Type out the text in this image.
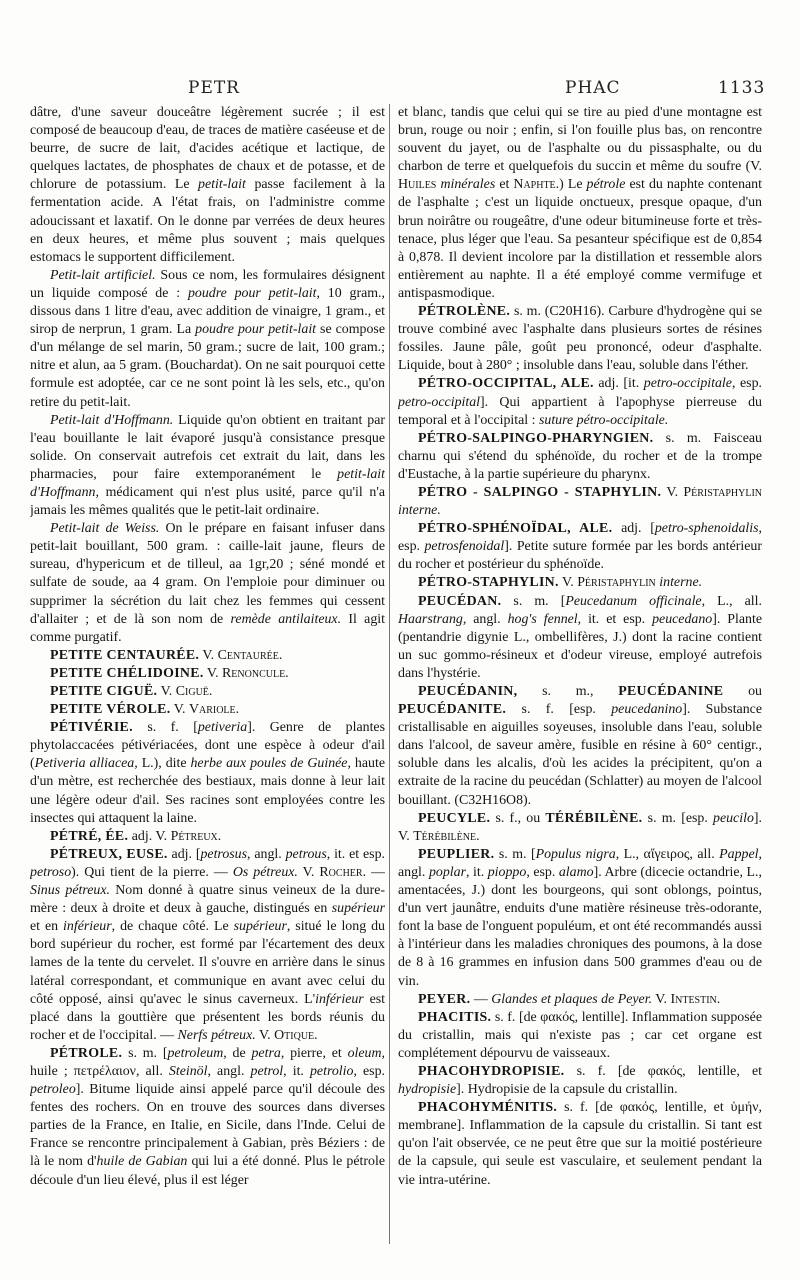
PETR	PHAC	1133

dâtre, d'une saveur douceâtre légèrement sucrée ; il est composé de beaucoup d'eau, de traces de matière caséeuse et de beurre, de sucre de lait, d'acides acétique et lactique, de quelques lactates, de phosphates de chaux et de potasse, et de chlorure de potassium. Le petit-lait passe facilement à la fermentation acide. A l'état frais, on l'administre comme adoucissant et laxatif. On le donne par verrées de deux heures en deux heures, et même plus souvent ; mais quelques estomacs le supportent difficilement.

Petit-lait artificiel. Sous ce nom, les formulaires désignent un liquide composé de : poudre pour petit-lait, 10 gram., dissous dans 1 litre d'eau, avec addition de vinaigre, 1 gram., et sirop de nerprun, 1 gram. La poudre pour petit-lait se compose d'un mélange de sel marin, 50 gram.; sucre de lait, 100 gram.; nitre et alun, aa 5 gram. (Bouchardat). On ne sait pourquoi cette formule est adoptée, car ce ne sont point là les sels, etc., qu'on retire du petit-lait.

Petit-lait d'Hoffmann. Liquide qu'on obtient en traitant par l'eau bouillante le lait évaporé jusqu'à consistance presque solide. On conservait autrefois cet extrait du lait, dans les pharmacies, pour faire extemporanément le petit-lait d'Hoffmann, médicament qui n'est plus usité, parce qu'il n'a jamais les mêmes qualités que le petit-lait ordinaire.

Petit-lait de Weiss. On le prépare en faisant infuser dans petit-lait bouillant, 500 gram. : caille-lait jaune, fleurs de sureau, d'hypericum et de tilleul, aa 1gr,20 ; séné mondé et sulfate de soude, aa 4 gram. On l'emploie pour diminuer ou supprimer la sécrétion du lait chez les femmes qui cessent d'allaiter ; et de là son nom de remède antilaiteux. Il agit comme purgatif.

PETITE CENTAURÉE. V. Centaurée.

PETITE CHÉLIDOINE. V. Renoncule.

PETITE CIGUË. V. Ciguë.

PETITE VÉROLE. V. Variole.

PÉTIVÉRIE. s. f. [petiveria]. Genre de plantes phytolaccacées pétivériacées, dont une espèce à odeur d'ail (Petiveria alliacea, L.), dite herbe aux poules de Guinée, haute d'un mètre, est recherchée des bestiaux, mais donne à leur lait une légère odeur d'ail. Ses racines sont employées contre les insectes qui attaquent la laine.

PÉTRÉ, ÉE. adj. V. Pétreux.

PÉTREUX, EUSE. adj. [petrosus, angl. petrous, it. et esp. petroso). Qui tient de la pierre. — Os pétreux. V. Rocher. — Sinus pétreux. Nom donné à quatre sinus veineux de la dure-mère : deux à droite et deux à gauche, distingués en supérieur et en inférieur, de chaque côté. Le supérieur, situé le long du bord supérieur du rocher, est formé par l'écartement des deux lames de la tente du cervelet. Il s'ouvre en arrière dans le sinus latéral correspondant, et communique en avant avec celui du côté opposé, ainsi qu'avec le sinus caverneux. L'inférieur est placé dans la gouttière que présentent les bords réunis du rocher et de l'occipital. — Nerfs pétreux. V. Otique.

PÉTROLE. s. m. [petroleum, de petra, pierre, et oleum, huile ; πετρέλαιον, all. Steinöl, angl. petrol, it. petrolio, esp. petroleo]. Bitume liquide ainsi appelé parce qu'il découle des fentes des rochers. On en trouve des sources dans diverses parties de la France, en Italie, en Sicile, dans l'Inde. Celui de France se rencontre principalement à Gabian, près Béziers : de là le nom d'huile de Gabian qui lui a été donné. Plus le pétrole découle d'un lieu élevé, plus il est léger

et blanc, tandis que celui qui se tire au pied d'une montagne est brun, rouge ou noir ; enfin, si l'on fouille plus bas, on rencontre souvent du jayet, ou de l'asphalte ou du pissasphalte, ou du charbon de terre et quelquefois du succin et même du soufre (V. Huiles minérales et Naphte.) Le pétrole est du naphte contenant de l'asphalte ; c'est un liquide onctueux, presque opaque, d'un brun noirâtre ou rougeâtre, d'une odeur bitumineuse forte et très-tenace, plus léger que l'eau. Sa pesanteur spécifique est de 0,854 à 0,878. Il devient incolore par la distillation et ressemble alors entièrement au naphte. Il a été employé comme vermifuge et antispasmodique.

PÉTROLÈNE. s. m. (C20H16). Carbure d'hydrogène qui se trouve combiné avec l'asphalte dans plusieurs sortes de résines fossiles. Jaune pâle, goût peu prononcé, odeur d'asphalte. Liquide, bout à 280° ; insoluble dans l'eau, soluble dans l'éther.

PÉTRO-OCCIPITAL, ALE. adj. [it. petro-occipitale, esp. petro-occipital]. Qui appartient à l'apophyse pierreuse du temporal et à l'occipital : suture pétro-occipitale.

PÉTRO-SALPINGO-PHARYNGIEN. s. m. Faisceau charnu qui s'étend du sphénoïde, du rocher et de la trompe d'Eustache, à la partie supérieure du pharynx.

PÉTRO - SALPINGO - STAPHYLIN. V. Péristaphylin interne.

PÉTRO-SPHÉNOÏDAL, ALE. adj. [petro-sphenoidalis, esp. petrosfenoidal]. Petite suture formée par les bords antérieur du rocher et postérieur du sphénoïde.

PÉTRO-STAPHYLIN. V. Péristaphylin interne.

PEUCÉDAN. s. m. [Peucedanum officinale, L., all. Haarstrang, angl. hog's fennel, it. et esp. peucedano]. Plante (pentandrie digynie L., ombellifères, J.) dont la racine contient un suc gommo-résineux et d'odeur vireuse, employé autrefois dans l'hystérie.

PEUCÉDANIN, s. m., PEUCÉDANINE ou PEUCÉDANITE. s. f. [esp. peucedanino]. Substance cristallisable en aiguilles soyeuses, insoluble dans l'eau, soluble dans l'alcool, de saveur amère, fusible en résine à 60° centigr., soluble dans les alcalis, d'où les acides la précipitent, qu'on a extraite de la racine du peucédan (Schlatter) au moyen de l'alcool bouillant. (C32H16O8).

PEUCYLE. s. f., ou TÉRÉBILÈNE. s. m. [esp. peucilo]. V. Térébilène.

PEUPLIER. s. m. [Populus nigra, L., αἴγειρος, all. Pappel, angl. poplar, it. pioppo, esp. alamo]. Arbre (dicecie octandrie, L., amentacées, J.) dont les bourgeons, qui sont oblongs, pointus, d'un vert jaunâtre, enduits d'une matière résineuse très-odorante, font la base de l'onguent populéum, et ont été recommandés aussi à l'intérieur dans les maladies chroniques des poumons, à la dose de 8 à 16 grammes en infusion dans 500 grammes d'eau ou de vin.

PEYER. — Glandes et plaques de Peyer. V. Intestin.

PHACITIS. s. f. [de φακός, lentille]. Inflammation supposée du cristallin, mais qui n'existe pas ; car cet organe est complétement dépourvu de vaisseaux.

PHACOHYDROPISIE. s. f. [de φακός, lentille, et hydropisie]. Hydropisie de la capsule du cristallin.

PHACOHYMÉNITIS. s. f. [de φακός, lentille, et ὑμήν, membrane]. Inflammation de la capsule du cristallin. Si tant est qu'on l'ait observée, ce ne peut être que sur la moitié postérieure de la capsule, qui seule est vasculaire, et seulement pendant la vie intra-utérine.
